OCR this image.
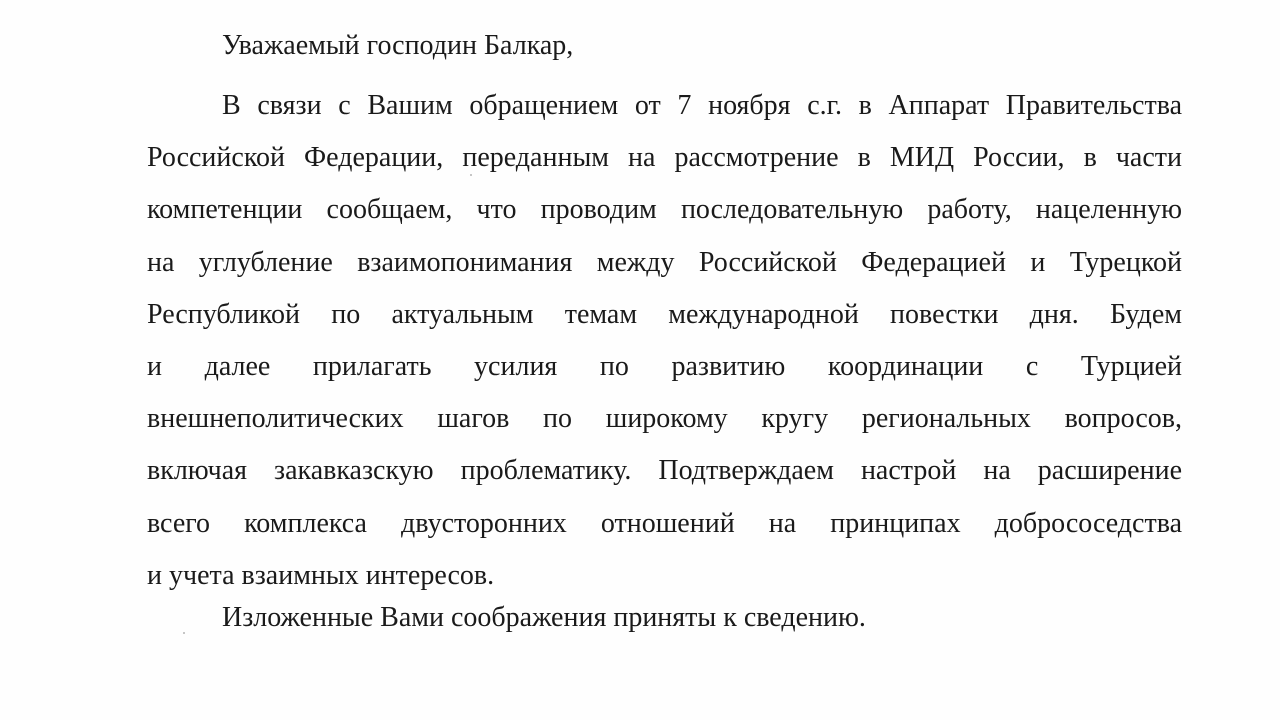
Уважаемый господин Балкар,

В связи с Вашим обращением от 7 ноября с.г. в Аппарат Правительства
Российской Федерации, переданным на рассмотрение в МИД России, в части
компетенции сообщаем, что проводим последовательную работу, нацеленную
на углубление взаимопонимания между Российской Федерацией и Турецкой
Республикой по актуальным темам международной повестки дня. Будем
и далее прилагать усилия по развитию координации с Турцией
внешнеполитических шагов по широкому кругу региональных вопросов,
включая закавказскую проблематику. Подтверждаем настрой на расширение
всего комплекса двусторонних отношений на принципах добрососедства
и учета взаимных интересов.

Изложенные Вами соображения приняты к сведению.
